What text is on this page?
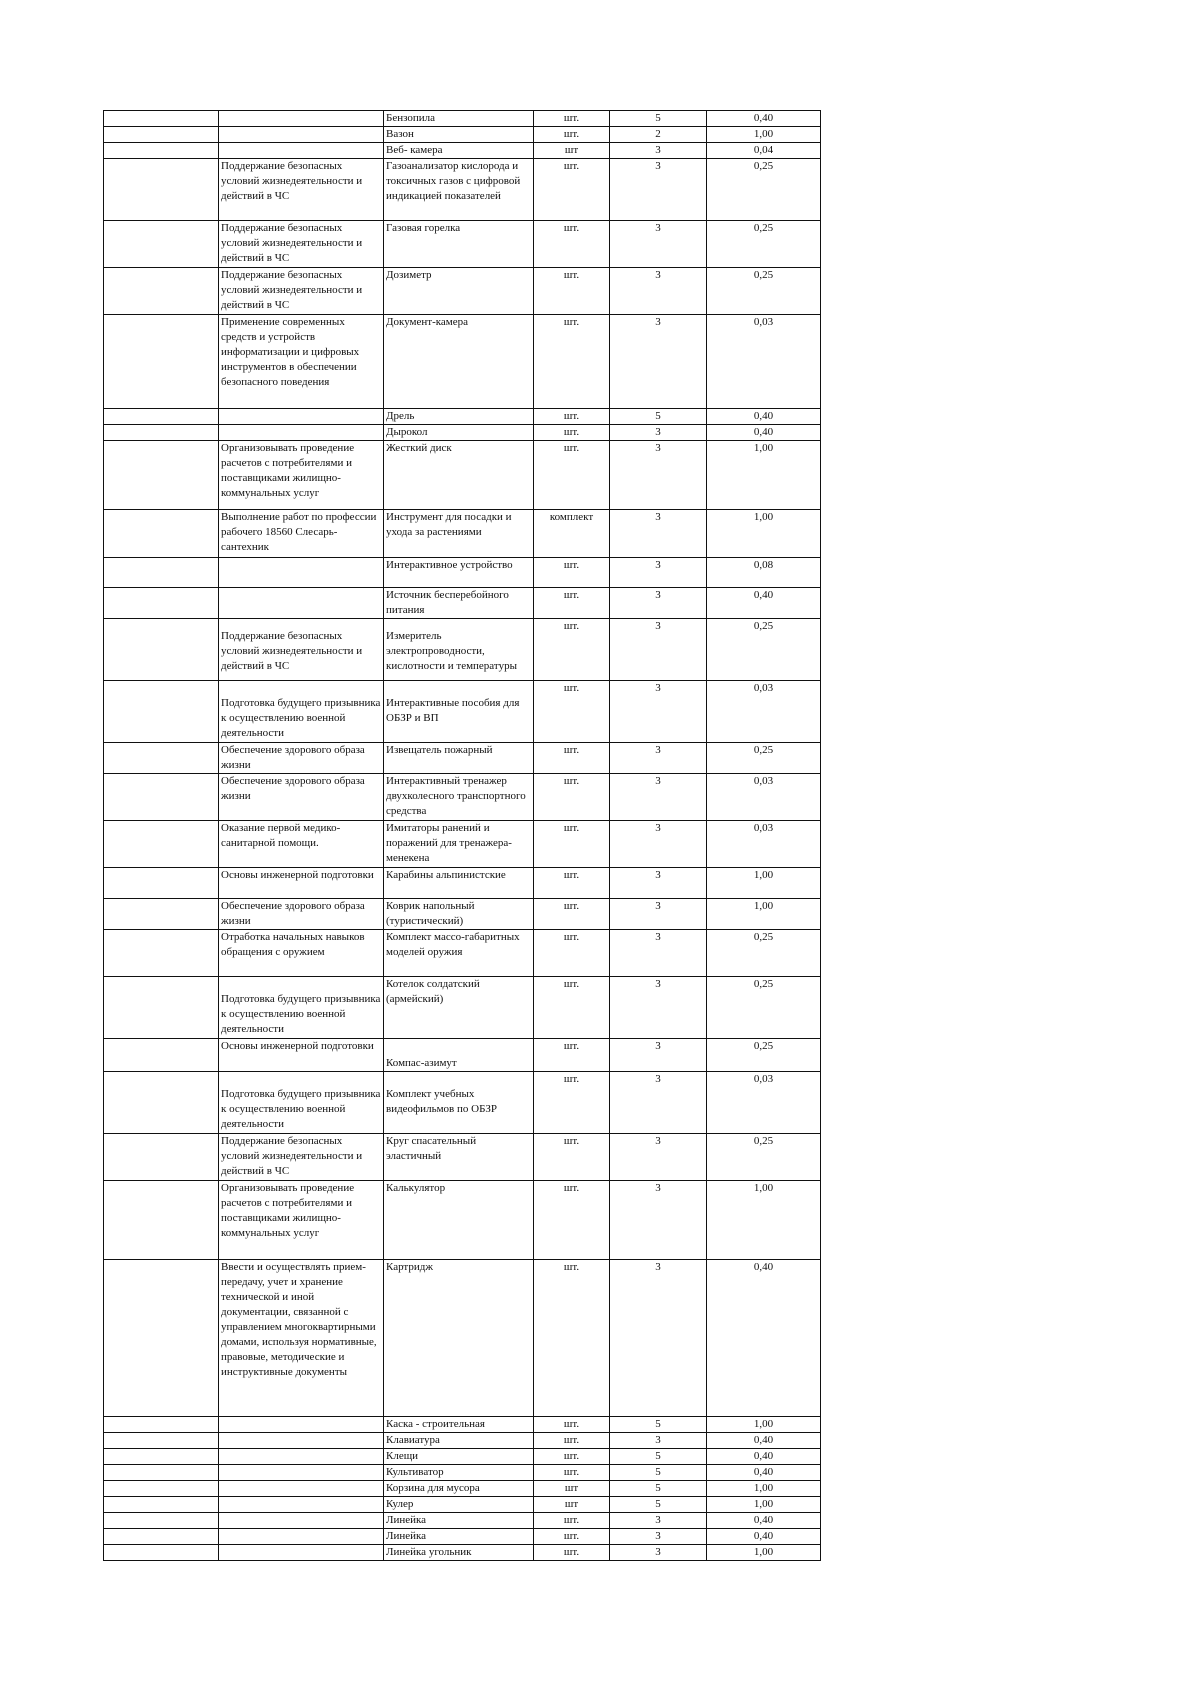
		Бензопила	шт.	5	0,40
		Вазон	шт.	2	1,00
		Веб- камера	шт	3	0,04
	Поддержание безопасных условий жизнедеятельности и действий в ЧС	Газоанализатор кислорода и токсичных газов с цифровой индикацией показателей	шт.	3	0,25
	Поддержание безопасных условий жизнедеятельности и действий в ЧС	Газовая горелка	шт.	3	0,25
	Поддержание безопасных условий жизнедеятельности и действий в ЧС	Дозиметр	шт.	3	0,25
	Применение современных средств и устройств информатизации и цифровых инструментов в обеспечении безопасного поведения	Документ-камера	шт.	3	0,03
		Дрель	шт.	5	0,40
		Дырокол	шт.	3	0,40
	Организовывать проведение расчетов с потребителями и поставщиками жилищно-коммунальных услуг	Жесткий диск	шт.	3	1,00
	Выполнение работ по профессии рабочего 18560 Слесарь-сантехник	Инструмент для посадки и ухода за растениями	комплект	3	1,00
		Интерактивное устройство	шт.	3	0,08
		Источник бесперебойного питания	шт.	3	0,40
	Поддержание безопасных условий жизнедеятельности и действий в ЧС	Измеритель электропроводности, кислотности и температуры	шт.	3	0,25
	Подготовка будущего призывника к осуществлению военной деятельности	Интерактивные пособия для ОБЗР и ВП	шт.	3	0,03
	Обеспечение здорового образа жизни	Извещатель пожарный	шт.	3	0,25
	Обеспечение здорового образа жизни	Интерактивный тренажер двухколесного транспортного средства	шт.	3	0,03
	Оказание первой медико-санитарной помощи.	Имитаторы ранений и поражений для тренажера-менекена	шт.	3	0,03
	Основы инженерной подготовки	Карабины альпинистские	шт.	3	1,00
	Обеспечение здорового образа жизни	Коврик напольный (туристический)	шт.	3	1,00
	Отработка начальных навыков обращения с оружием	Комплект массо-габаритных моделей оружия	шт.	3	0,25
	Подготовка будущего призывника к осуществлению военной деятельности	Котелок солдатский (армейский)	шт.	3	0,25
	Основы инженерной подготовки	Компас-азимут	шт.	3	0,25
	Подготовка будущего призывника к осуществлению военной деятельности	Комплект учебных видеофильмов по ОБЗР	шт.	3	0,03
	Поддержание безопасных условий жизнедеятельности и действий в ЧС	Круг спасательный эластичный	шт.	3	0,25
	Организовывать проведение расчетов с потребителями и поставщиками жилищно-коммунальных услуг	Калькулятор	шт.	3	1,00
	Ввести и осуществлять прием-передачу, учет и хранение технической и иной документации, связанной с управлением многоквартирными домами, используя нормативные, правовые, методические и инструктивные документы	Картридж	шт.	3	0,40
		Каска - строительная	шт.	5	1,00
		Клавиатура	шт.	3	0,40
		Клещи	шт.	5	0,40
		Культиватор	шт.	5	0,40
		Корзина для мусора	шт	5	1,00
		Кулер	шт	5	1,00
		Линейка	шт.	3	0,40
		Линейка	шт.	3	0,40
		Линейка угольник	шт.	3	1,00
